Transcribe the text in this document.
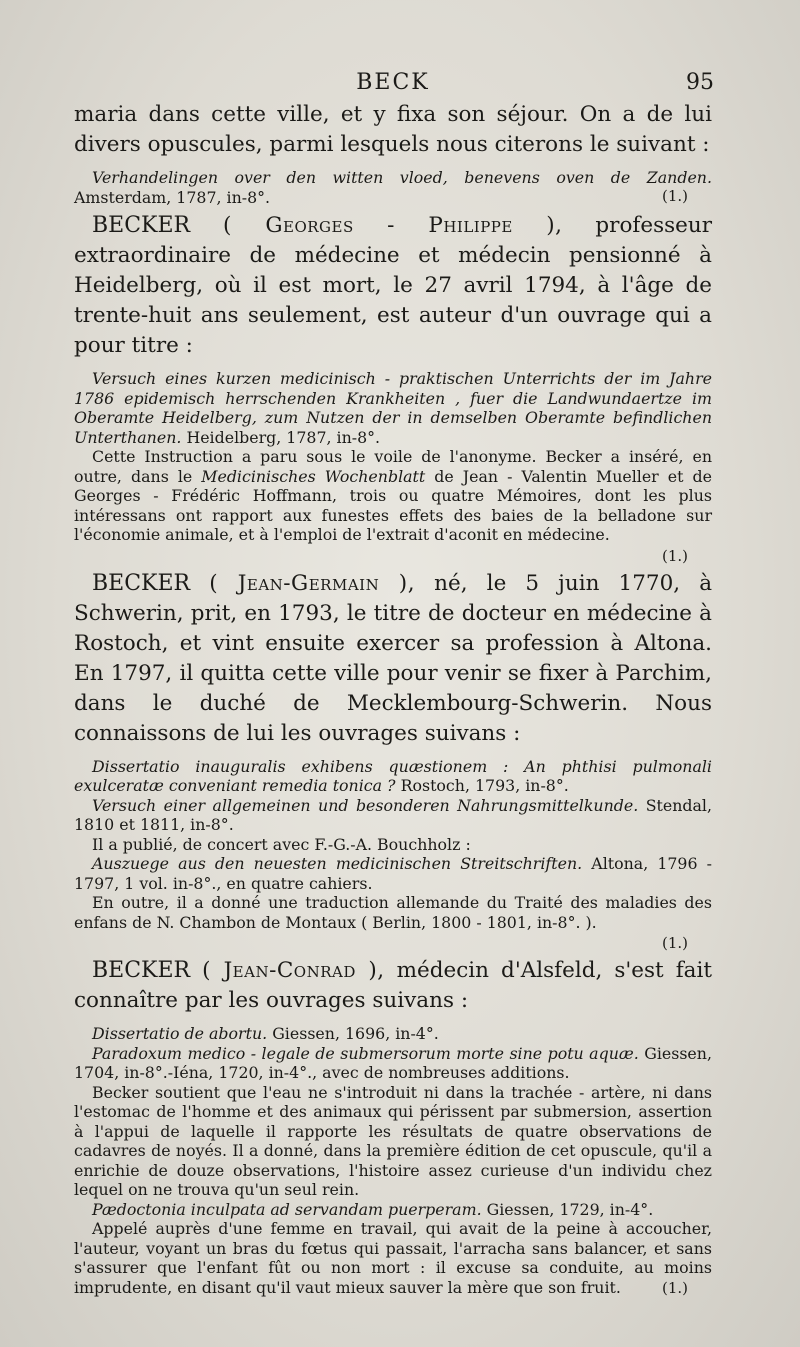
BECK	95

maria dans cette ville, et y fixa son séjour. On a de lui divers opuscules, parmi lesquels nous citerons le suivant :

Verhandelingen over den witten vloed, benevens oven de Zanden. Amsterdam, 1787, in-8°.	(1.)

BECKER ( Georges - Philippe ), professeur extraordinaire de médecine et médecin pensionné à Heidelberg, où il est mort, le 27 avril 1794, à l'âge de trente-huit ans seulement, est auteur d'un ouvrage qui a pour titre :

Versuch eines kurzen medicinisch - praktischen Unterrichts der im Jahre 1786 epidemisch herrschenden Krankheiten , fuer die Landwundaertze im Oberamte Heidelberg, zum Nutzen der in demselben Oberamte befindlichen Unterthanen. Heidelberg, 1787, in-8°.

Cette Instruction a paru sous le voile de l'anonyme. Becker a inséré, en outre, dans le Medicinisches Wochenblatt de Jean - Valentin Mueller et de Georges - Frédéric Hoffmann, trois ou quatre Mémoires, dont les plus intéressans ont rapport aux funestes effets des baies de la belladone sur l'économie animale, et à l'emploi de l'extrait d'aconit en médecine.

(1.)

BECKER ( Jean-Germain ), né, le 5 juin 1770, à Schwerin, prit, en 1793, le titre de docteur en médecine à Rostoch, et vint ensuite exercer sa profession à Altona. En 1797, il quitta cette ville pour venir se fixer à Parchim, dans le duché de Mecklembourg-Schwerin. Nous connaissons de lui les ouvrages suivans :

Dissertatio inauguralis exhibens quæstionem : An phthisi pulmonali exulceratæ conveniant remedia tonica ? Rostoch, 1793, in-8°.

Versuch einer allgemeinen und besonderen Nahrungsmittelkunde. Stendal, 1810 et 1811, in-8°.

Il a publié, de concert avec F.-G.-A. Bouchholz :

Auszuege aus den neuesten medicinischen Streitschriften. Altona, 1796 - 1797, 1 vol. in-8°., en quatre cahiers.

En outre, il a donné une traduction allemande du Traité des maladies des enfans de N. Chambon de Montaux ( Berlin, 1800 - 1801, in-8°. ).

(1.)

BECKER ( Jean-Conrad ), médecin d'Alsfeld, s'est fait connaître par les ouvrages suivans :

Dissertatio de abortu. Giessen, 1696, in-4°.

Paradoxum medico - legale de submersorum morte sine potu aquæ. Giessen, 1704, in-8°.-Iéna, 1720, in-4°., avec de nombreuses additions.

Becker soutient que l'eau ne s'introduit ni dans la trachée - artère, ni dans l'estomac de l'homme et des animaux qui périssent par submersion, assertion à l'appui de laquelle il rapporte les résultats de quatre observations de cadavres de noyés. Il a donné, dans la première édition de cet opuscule, qu'il a enrichie de douze observations, l'histoire assez curieuse d'un individu chez lequel on ne trouva qu'un seul rein.

Pædoctonia inculpata ad servandam puerperam. Giessen, 1729, in-4°.

Appelé auprès d'une femme en travail, qui avait de la peine à accoucher, l'auteur, voyant un bras du fœtus qui passait, l'arracha sans balancer, et sans s'assurer que l'enfant fût ou non mort : il excuse sa conduite, au moins imprudente, en disant qu'il vaut mieux sauver la mère que son fruit.	(1.)
